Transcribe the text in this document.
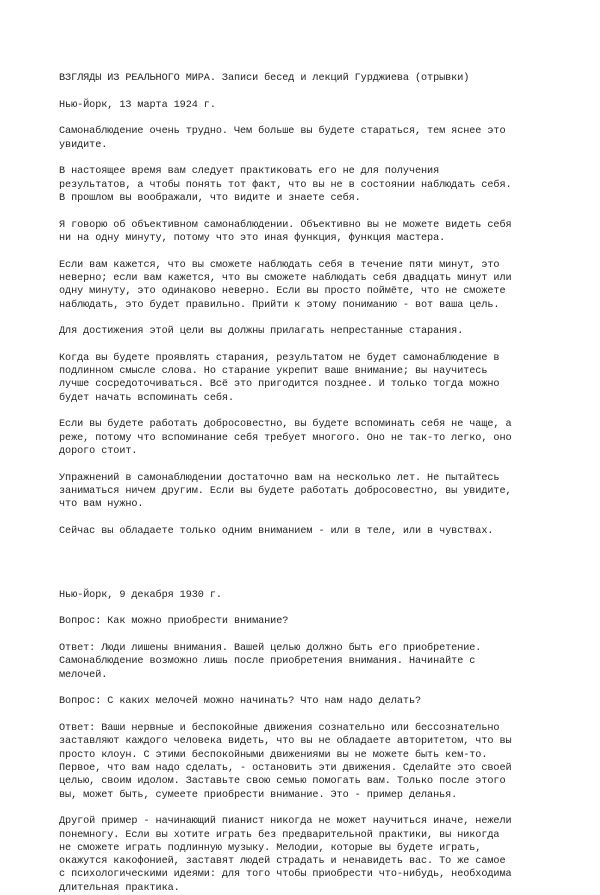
ВЗГЛЯДЫ ИЗ РЕАЛЬНОГО МИРА. Записи бесед и лекций Гурджиева (отрывки)

Нью-Йорк, 13 марта 1924 г.

Самонаблюдение очень трудно. Чем больше вы будете стараться, тем яснее это
увидите.

В настоящее время вам следует практиковать его не для получения
результатов, а чтобы понять тот факт, что вы не в состоянии наблюдать себя.
В прошлом вы воображали, что видите и знаете себя.

Я говорю об объективном самонаблюдении. Объективно вы не можете видеть себя
ни на одну минуту, потому что это иная функция, функция мастера.

Если вам кажется, что вы сможете наблюдать себя в течение пяти минут, это
неверно; если вам кажется, что вы сможете наблюдать себя двадцать минут или
одну минуту, это одинаково неверно. Если вы просто поймёте, что не сможете
наблюдать, это будет правильно. Прийти к этому пониманию - вот ваша цель.

Для достижения этой цели вы должны прилагать непрестанные старания.

Когда вы будете проявлять старания, результатом не будет самонаблюдение в
подлинном смысле слова. Но старание укрепит ваше внимание; вы научитесь
лучше сосредоточиваться. Всё это пригодится позднее. И только тогда можно
будет начать вспоминать себя.

Если вы будете работать добросовестно, вы будете вспоминать себя не чаще, а
реже, потому что вспоминание себя требует многого. Оно не так-то легко, оно
дорого стоит.

Упражнений в самонаблюдении достаточно вам на несколько лет. Не пытайтесь
заниматься ничем другим. Если вы будете работать добросовестно, вы увидите,
что вам нужно.

Сейчас вы обладаете только одним вниманием - или в теле, или в чувствах.

Нью-Йорк, 9 декабря 1930 г.

Вопрос: Как можно приобрести внимание?

Ответ: Люди лишены внимания. Вашей целью должно быть его приобретение.
Самонаблюдение возможно лишь после приобретения внимания. Начинайте с
мелочей.

Вопрос: С каких мелочей можно начинать? Что нам надо делать?

Ответ: Ваши нервные и беспокойные движения сознательно или бессознательно
заставляют каждого человека видеть, что вы не обладаете авторитетом, что вы
просто клоун. С этими беспокойными движениями вы не можете быть кем-то.
Первое, что вам надо сделать, - остановить эти движения. Сделайте это своей
целью, своим идолом. Заставьте свою семью помогать вам. Только после этого
вы, может быть, сумеете приобрести внимание. Это - пример деланья.

Другой пример - начинающий пианист никогда не может научиться иначе, нежели
понемногу. Если вы хотите играть без предварительной практики, вы никогда
не сможете играть подлинную музыку. Мелодии, которые вы будете играть,
окажутся какофонией, заставят людей страдать и ненавидеть вас. То же самое
с психологическими идеями: для того чтобы приобрести что-нибудь, необходима
длительная практика.
